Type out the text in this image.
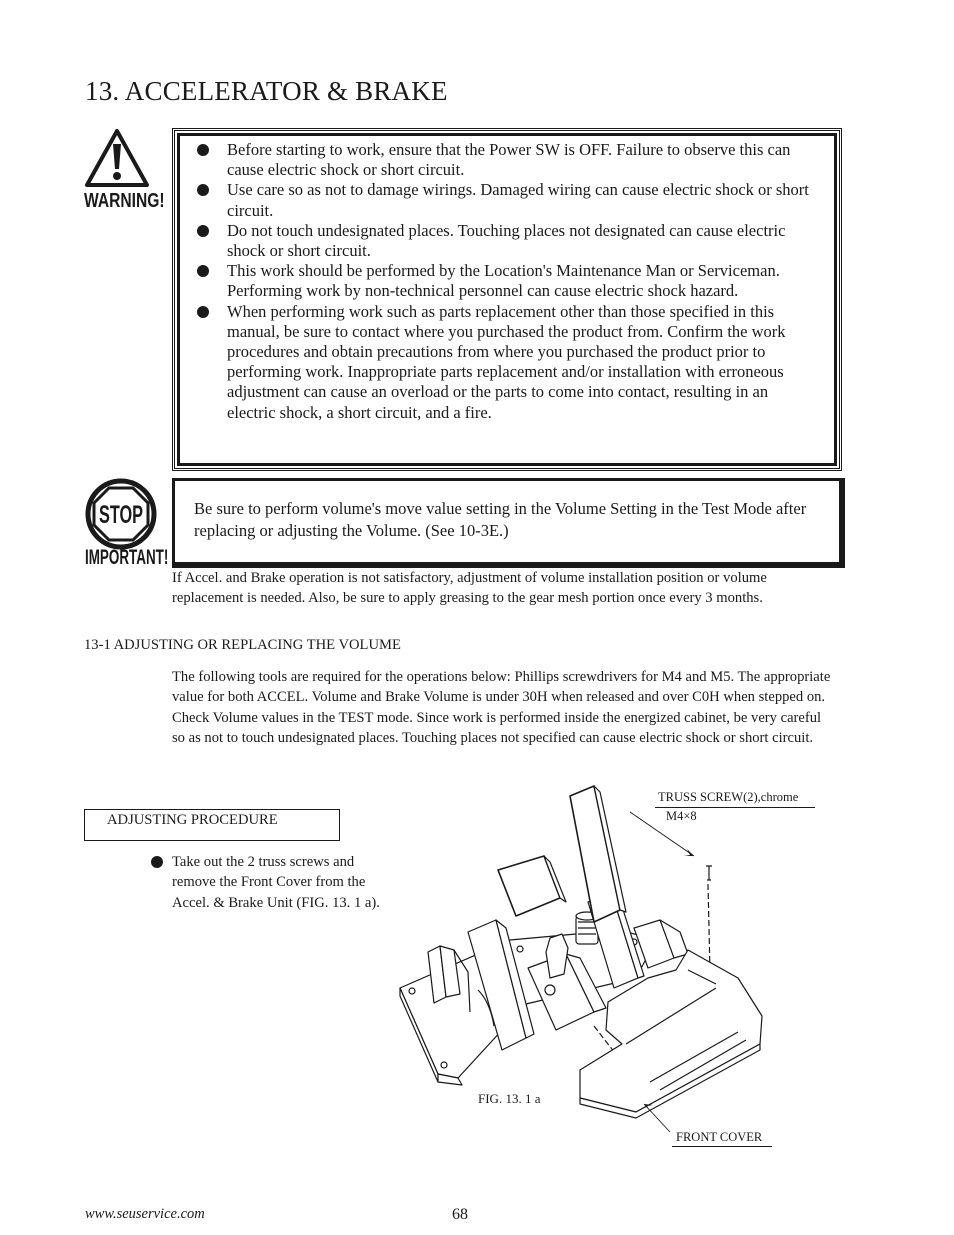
13. ACCELERATOR & BRAKE
WARNING!
Before starting to work, ensure that the Power SW is OFF. Failure to observe this can cause electric shock or short circuit.
Use care so as not to damage wirings. Damaged wiring can cause electric shock or short circuit.
Do not touch undesignated places. Touching places not designated can cause electric shock or short circuit.
This work should be performed by the Location's Maintenance Man or Serviceman. Performing work by non-technical personnel can cause electric shock hazard.
When performing work such as parts replacement other than those specified in this manual, be sure to contact where you purchased the product from. Confirm the work procedures and obtain precautions from where you purchased the product prior to performing work. Inappropriate parts replacement and/or installation with erroneous adjustment can cause an overload or the parts to come into contact, resulting in an electric shock, a short circuit, and a fire.
STOP
IMPORTANT!
Be sure to perform volume's move value setting in the Volume Setting in the Test Mode after replacing or adjusting the Volume. (See 10-3E.)
If Accel. and Brake operation is not satisfactory, adjustment of volume installation position or volume replacement is needed. Also, be sure to apply greasing to the gear mesh portion once every 3 months.
13-1 ADJUSTING OR REPLACING THE VOLUME
The following tools are required for the operations below: Phillips screwdrivers for M4 and M5. The appropriate value for both ACCEL. Volume and Brake Volume is under 30H when released and over C0H when stepped on. Check Volume values in the TEST mode. Since work is performed inside the energized cabinet, be very careful so as not to touch undesignated places. Touching places not specified can cause electric shock or short circuit.
ADJUSTING PROCEDURE
Take out the 2 truss screws and remove the Front Cover from the Accel. & Brake Unit (FIG. 13. 1 a).
TRUSS SCREW(2),chrome
M4×8
FIG. 13. 1 a
FRONT COVER
www.seuservice.com	68
